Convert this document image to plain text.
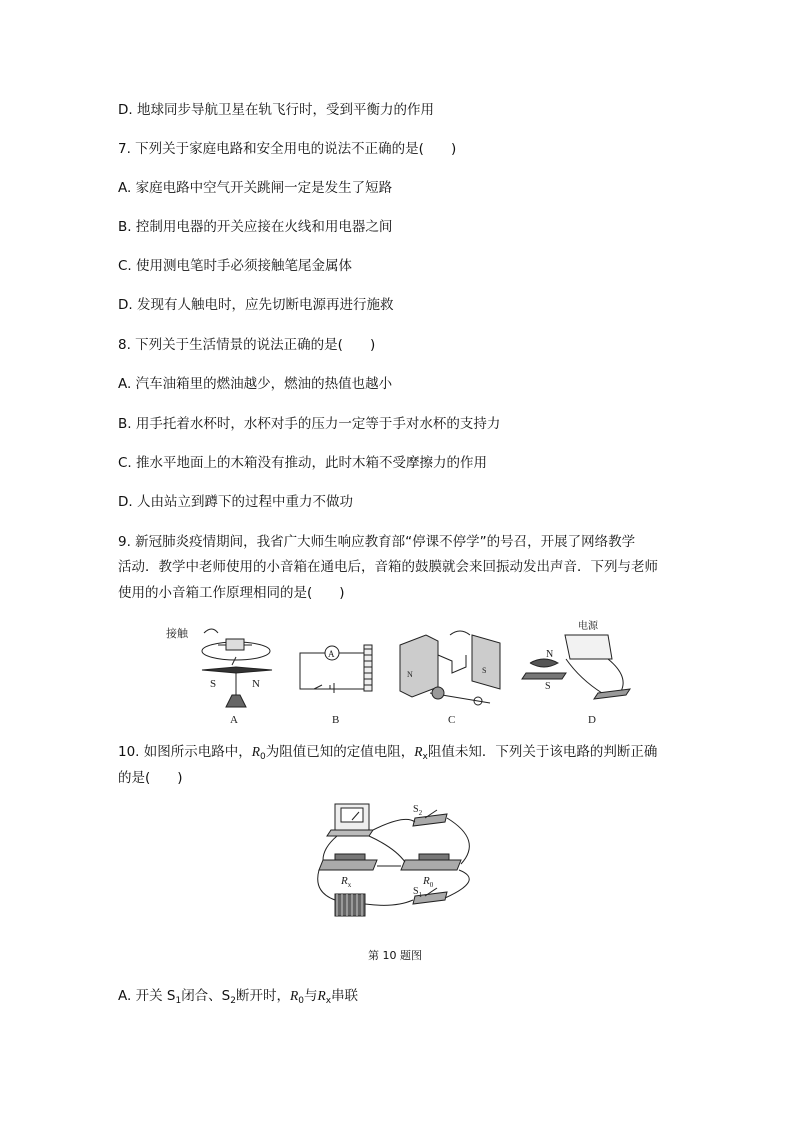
D. 地球同步导航卫星在轨飞行时，受到平衡力的作用
7. 下列关于家庭电路和安全用电的说法不正确的是(　　)
A. 家庭电路中空气开关跳闸一定是发生了短路
B. 控制用电器的开关应接在火线和用电器之间
C. 使用测电笔时手必须接触笔尾金属体
D. 发现有人触电时，应先切断电源再进行施救
8. 下列关于生活情景的说法正确的是(　　)
A. 汽车油箱里的燃油越少，燃油的热值也越小
B. 用手托着水杯时，水杯对手的压力一定等于手对水杯的支持力
C. 推水平地面上的木箱没有推动，此时木箱不受摩擦力的作用
D. 人由站立到蹲下的过程中重力不做功
9. 新冠肺炎疫情期间，我省广大师生响应教育部“停课不停学”的号召，开展了网络教学
活动．教学中老师使用的小音箱在通电后，音箱的鼓膜就会来回振动发出声音．下列与老师
使用的小音箱工作原理相同的是(　　)
接触
S	N
A
A
B
N	S
C
电源
N
S
D
10. 如图所示电路中，$R_0$为阻值已知的定值电阻，$R_x$阻值未知．下列关于该电路的判断正确
的是(　　)
$R_x$	$R_0$
$S_2$
$S_1$
第 10 题图
A. 开关 $S_1$闭合、$S_2$断开时，$R_0$与$R_x$串联
